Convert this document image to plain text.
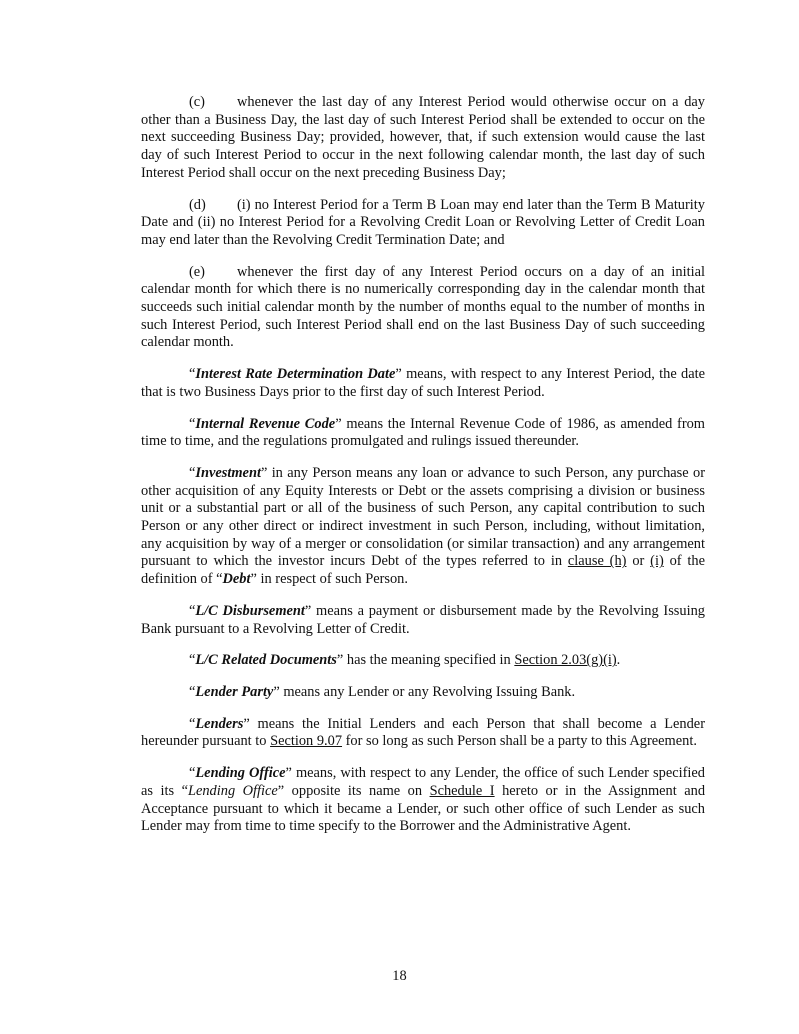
(c) whenever the last day of any Interest Period would otherwise occur on a day other than a Business Day, the last day of such Interest Period shall be extended to occur on the next succeeding Business Day; provided, however, that, if such extension would cause the last day of such Interest Period to occur in the next following calendar month, the last day of such Interest Period shall occur on the next preceding Business Day;

(d) (i) no Interest Period for a Term B Loan may end later than the Term B Maturity Date and (ii) no Interest Period for a Revolving Credit Loan or Revolving Letter of Credit Loan may end later than the Revolving Credit Termination Date; and

(e) whenever the first day of any Interest Period occurs on a day of an initial calendar month for which there is no numerically corresponding day in the calendar month that succeeds such initial calendar month by the number of months equal to the number of months in such Interest Period, such Interest Period shall end on the last Business Day of such succeeding calendar month.

“Interest Rate Determination Date” means, with respect to any Interest Period, the date that is two Business Days prior to the first day of such Interest Period.

“Internal Revenue Code” means the Internal Revenue Code of 1986, as amended from time to time, and the regulations promulgated and rulings issued thereunder.

“Investment” in any Person means any loan or advance to such Person, any purchase or other acquisition of any Equity Interests or Debt or the assets comprising a division or business unit or a substantial part or all of the business of such Person, any capital contribution to such Person or any other direct or indirect investment in such Person, including, without limitation, any acquisition by way of a merger or consolidation (or similar transaction) and any arrangement pursuant to which the investor incurs Debt of the types referred to in clause (h) or (i) of the definition of “Debt” in respect of such Person.

“L/C Disbursement” means a payment or disbursement made by the Revolving Issuing Bank pursuant to a Revolving Letter of Credit.

“L/C Related Documents” has the meaning specified in Section 2.03(g)(i).

“Lender Party” means any Lender or any Revolving Issuing Bank.

“Lenders” means the Initial Lenders and each Person that shall become a Lender hereunder pursuant to Section 9.07 for so long as such Person shall be a party to this Agreement.

“Lending Office” means, with respect to any Lender, the office of such Lender specified as its “Lending Office” opposite its name on Schedule I hereto or in the Assignment and Acceptance pursuant to which it became a Lender, or such other office of such Lender as such Lender may from time to time specify to the Borrower and the Administrative Agent.

18
